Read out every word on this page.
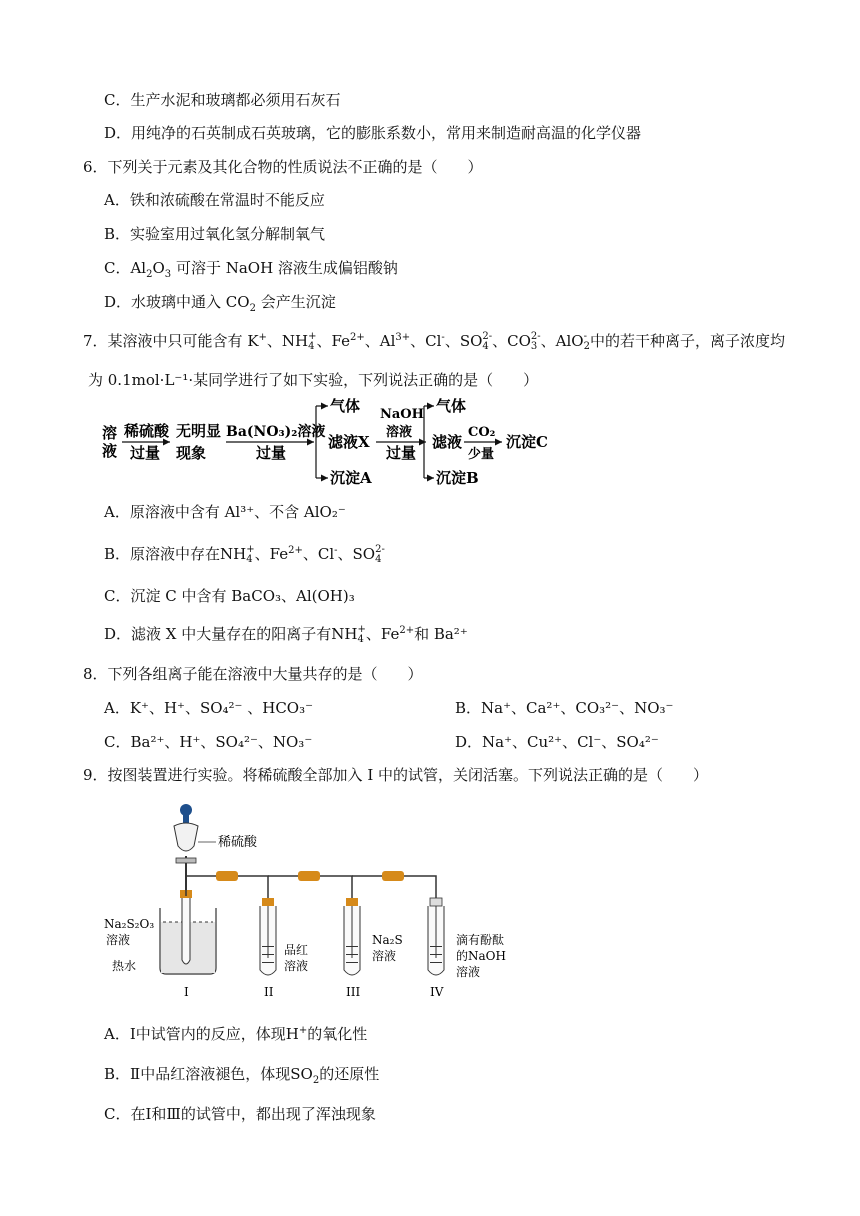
C．生产水泥和玻璃都必须用石灰石
D．用纯净的石英制成石英玻璃，它的膨胀系数小，常用来制造耐高温的化学仪器
6．下列关于元素及其化合物的性质说法不正确的是（　　）
A．铁和浓硫酸在常温时不能反应
B．实验室用过氧化氢分解制氧气
C．$Al_2O_3$ 可溶于 NaOH 溶液生成偏铝酸钠
D．水玻璃中通入 $CO_2$ 会产生沉淀
7．某溶液中只可能含有 K+、NH +
4 、$Fe^{2+}$、$Al^{3+}$、Cl-、SO 2-
4 、CO 2-
3 、AlO -
2 中的若干种离子，离子浓度均
为 0.1mol·L⁻¹·某同学进行了如下实验，下列说法正确的是（　　）
溶
液
稀硫酸
过量
无明显
现象
Ba(NO₃)₂溶液
过量
气体
滤液X
沉淀A
NaOH
溶液
过量
气体
滤液
沉淀B
CO₂
少量
沉淀C
A．原溶液中含有 Al³⁺、不含 AlO₂⁻
B．原溶液中存在NH +
4 、$Fe^{2+}$、Cl-、SO 2-
4
C．沉淀 C 中含有 BaCO₃、Al(OH)₃
D．滤液 X 中大量存在的阳离子有NH +
4 、$Fe^{2+}$和 Ba²⁺
8．下列各组离子能在溶液中大量共存的是（　　）
A．K⁺、H⁺、SO₄²⁻ 、HCO₃⁻	B．Na⁺、Ca²⁺、CO₃²⁻、NO₃⁻
C．Ba²⁺、H⁺、SO₄²⁻、NO₃⁻	D．Na⁺、Cu²⁺、Cl⁻、SO₄²⁻
9．按图装置进行实验。将稀硫酸全部加入 I 中的试管，关闭活塞。下列说法正确的是（　　）
稀硫酸
Na₂S₂O₃
溶液
热水
品红
溶液
Na₂S
溶液
滴有酚酞
的NaOH
溶液
I	II	III	IV
A．Ⅰ中试管内的反应，体现H+的氧化性
B．Ⅱ中品红溶液褪色，体现$SO_2$的还原性
C．在Ⅰ和Ⅲ的试管中，都出现了浑浊现象
